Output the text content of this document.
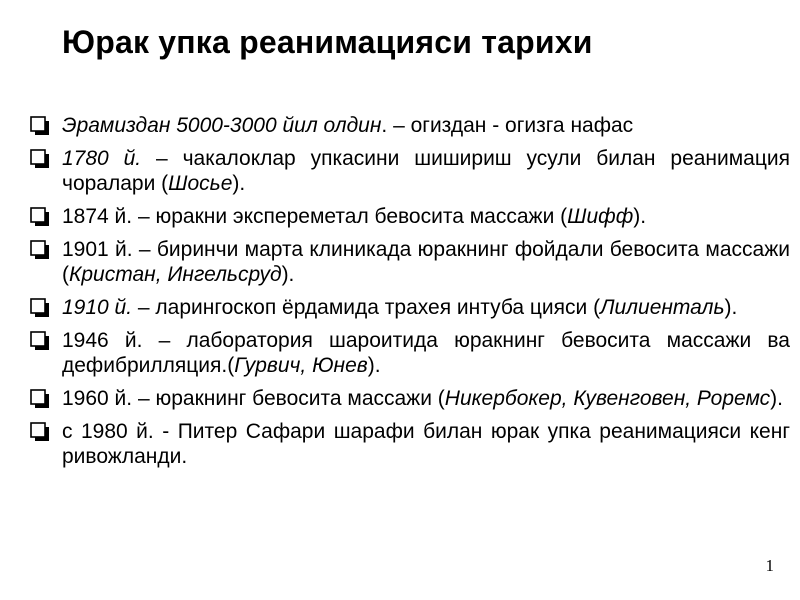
Юрак упка реанимацияси тарихи
Эрамиздан 5000-3000 йил олдин. – огиздан - огизга нафас
1780 й. – чакалоклар упкасини шишириш усули билан реанимация чоралари (Шосье).
1874 й. – юракни экспереметал бевосита массажи (Шифф).
1901 й. – биринчи марта клиникада юракнинг фойдали бевосита массажи (Кристан, Ингельсруд).
1910 й. – ларингоскоп ёрдамида трахея интуба цияси (Лилиенталь).
1946 й. – лаборатория шароитида юракнинг бевосита массажи ва дефибрилляция.(Гурвич, Юнев).
1960 й. – юракнинг бевосита массажи (Никербокер, Кувенговен, Роремс).
с 1980 й. - Питер Сафари шарафи билан юрак упка реанимацияси кенг ривожланди.
1
